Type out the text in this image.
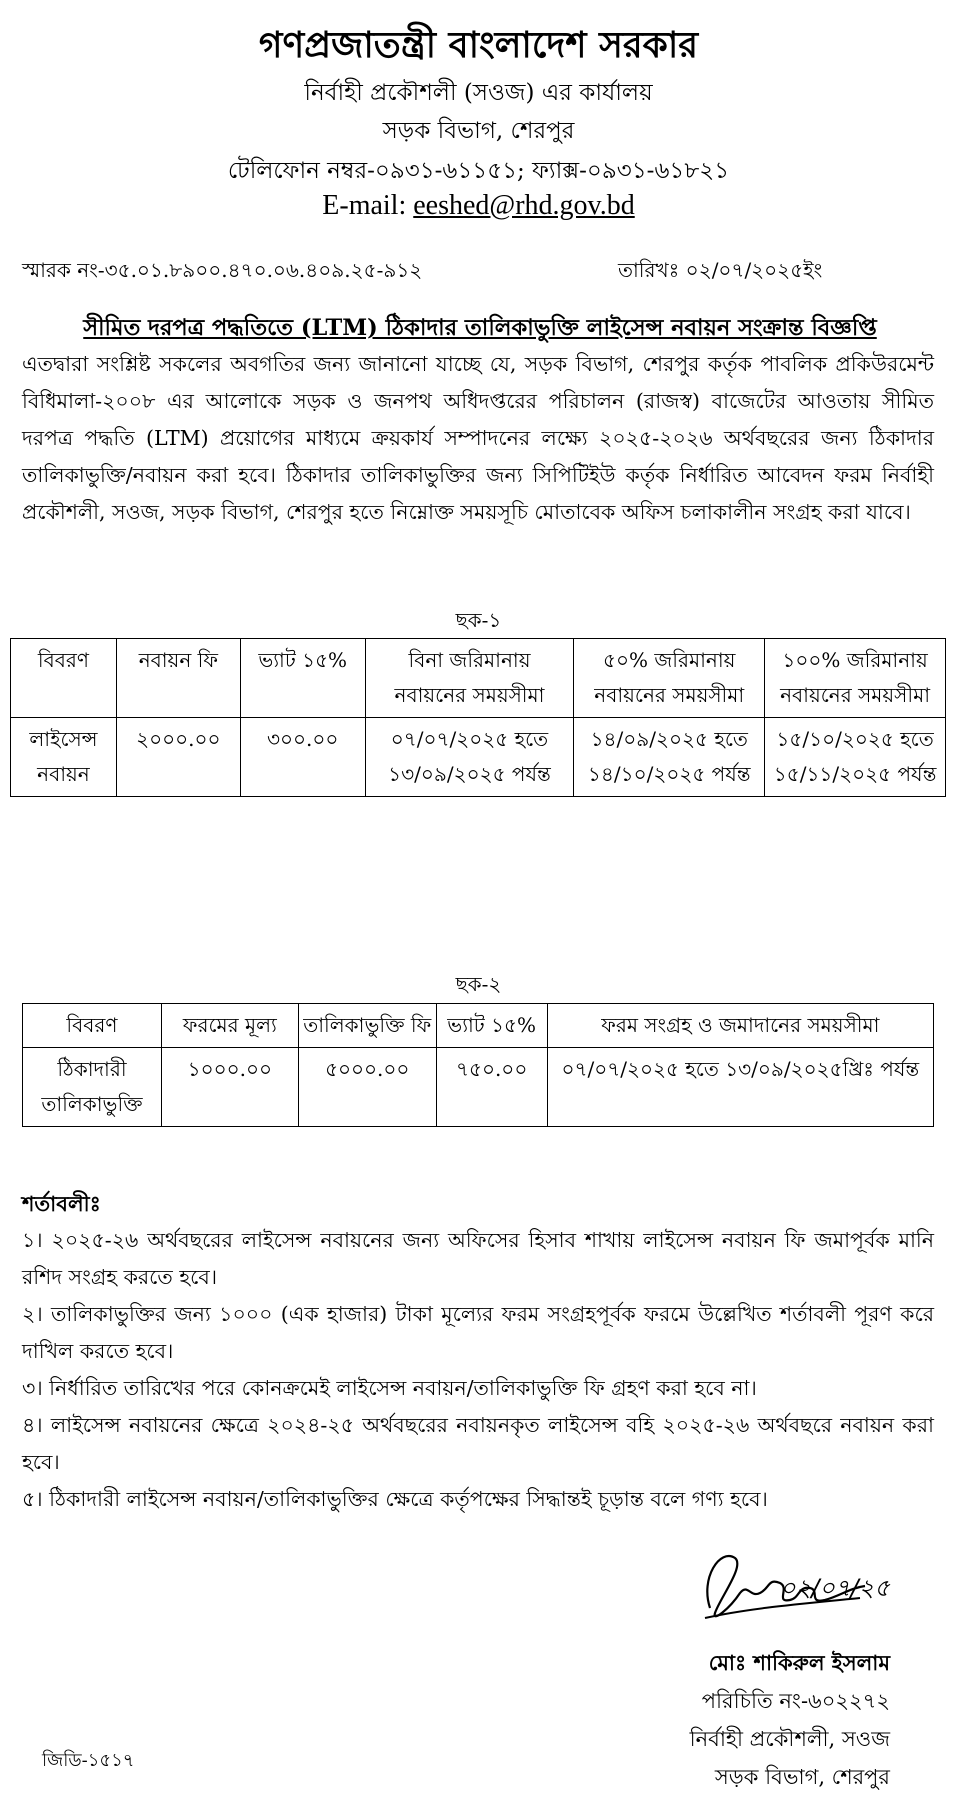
গণপ্রজাতন্ত্রী বাংলাদেশ সরকার
নির্বাহী প্রকৌশলী (সওজ) এর কার্যালয়
সড়ক বিভাগ, শেরপুর
টেলিফোন নম্বর-০৯৩১-৬১১৫১; ফ্যাক্স-০৯৩১-৬১৮২১
E-mail: eeshed@rhd.gov.bd
স্মারক নং-৩৫.০১.৮৯০০.৪৭০.০৬.৪০৯.২৫-৯১২	তারিখঃ ০২/০৭/২০২৫ইং
সীমিত দরপত্র পদ্ধতিতে (LTM) ঠিকাদার তালিকাভুক্তি লাইসেন্স নবায়ন সংক্রান্ত বিজ্ঞপ্তি
এতদ্বারা সংশ্লিষ্ট সকলের অবগতির জন্য জানানো যাচ্ছে যে, সড়ক বিভাগ, শেরপুর কর্তৃক পাবলিক প্রকিউরমেন্ট বিধিমালা-২০০৮ এর আলোকে সড়ক ও জনপথ অধিদপ্তরের পরিচালন (রাজস্ব) বাজেটের আওতায় সীমিত দরপত্র পদ্ধতি (LTM) প্রয়োগের মাধ্যমে ক্রয়কার্য সম্পাদনের লক্ষ্যে ২০২৫-২০২৬ অর্থবছরের জন্য ঠিকাদার তালিকাভুক্তি/নবায়ন করা হবে। ঠিকাদার তালিকাভুক্তির জন্য সিপিটিইউ কর্তৃক নির্ধারিত আবেদন ফরম নির্বাহী প্রকৌশলী, সওজ, সড়ক বিভাগ, শেরপুর হতে নিম্নোক্ত সময়সূচি মোতাবেক অফিস চলাকালীন সংগ্রহ করা যাবে।
ছক-১
বিবরণ	নবায়ন ফি	ভ্যাট ১৫%	বিনা জরিমানায় নবায়নের সময়সীমা	৫০% জরিমানায় নবায়নের সময়সীমা	১০০% জরিমানায় নবায়নের সময়সীমা
লাইসেন্স নবায়ন	২০০০.০০	৩০০.০০	০৭/০৭/২০২৫ হতে ১৩/০৯/২০২৫ পর্যন্ত	১৪/০৯/২০২৫ হতে ১৪/১০/২০২৫ পর্যন্ত	১৫/১০/২০২৫ হতে ১৫/১১/২০২৫ পর্যন্ত
ছক-২
বিবরণ	ফরমের মূল্য	তালিকাভুক্তি ফি	ভ্যাট ১৫%	ফরম সংগ্রহ ও জমাদানের সময়সীমা
ঠিকাদারী তালিকাভুক্তি	১০০০.০০	৫০০০.০০	৭৫০.০০	০৭/০৭/২০২৫ হতে ১৩/০৯/২০২৫খ্রিঃ পর্যন্ত
শর্তাবলীঃ
১। ২০২৫-২৬ অর্থবছরের লাইসেন্স নবায়নের জন্য অফিসের হিসাব শাখায় লাইসেন্স নবায়ন ফি জমাপূর্বক মানি রশিদ সংগ্রহ করতে হবে।
২। তালিকাভুক্তির জন্য ১০০০ (এক হাজার) টাকা মূল্যের ফরম সংগ্রহপূর্বক ফরমে উল্লেখিত শর্তাবলী পূরণ করে দাখিল করতে হবে।
৩। নির্ধারিত তারিখের পরে কোনক্রমেই লাইসেন্স নবায়ন/তালিকাভুক্তি ফি গ্রহণ করা হবে না।
৪। লাইসেন্স নবায়নের ক্ষেত্রে ২০২৪-২৫ অর্থবছরের নবায়নকৃত লাইসেন্স বহি ২০২৫-২৬ অর্থবছরে নবায়ন করা হবে।
৫। ঠিকাদারী লাইসেন্স নবায়ন/তালিকাভুক্তির ক্ষেত্রে কর্তৃপক্ষের সিদ্ধান্তই চূড়ান্ত বলে গণ্য হবে।
০২/০৭/২৫
মোঃ শাকিরুল ইসলাম
পরিচিতি নং-৬০২২৭২
নির্বাহী প্রকৌশলী, সওজ
সড়ক বিভাগ, শেরপুর
জিডি-১৫১৭
